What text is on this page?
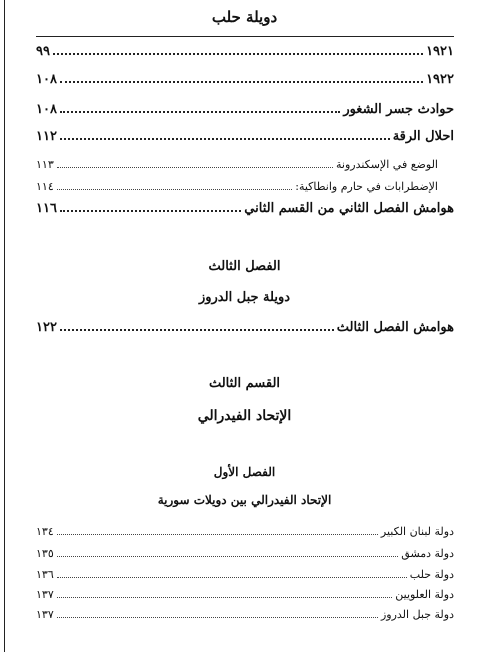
دويلة حلب
١٩٢١
٩٩
١٩٢٢
١٠٨
حوادث جسر الشغور
١٠٨
احلال الرقة
١١٢
الوضع في الإسكندرونة
١١٣
الإضطرابات في حارم وانطاكية:
١١٤
هوامش الفصل الثاني من القسم الثاني
١١٦
الفصل الثالث
دويلة جبل الدروز
هوامش الفصل الثالث
١٢٢
القسم الثالث
الإتحاد الفيدرالي
الفصل الأول
الإتحاد الفيدرالي بين دويلات سورية
دولة لبنان الكبير
١٣٤
دولة دمشق
١٣٥
دولة حلب
١٣٦
دولة العلويين
١٣٧
دولة جبل الدروز
١٣٧
